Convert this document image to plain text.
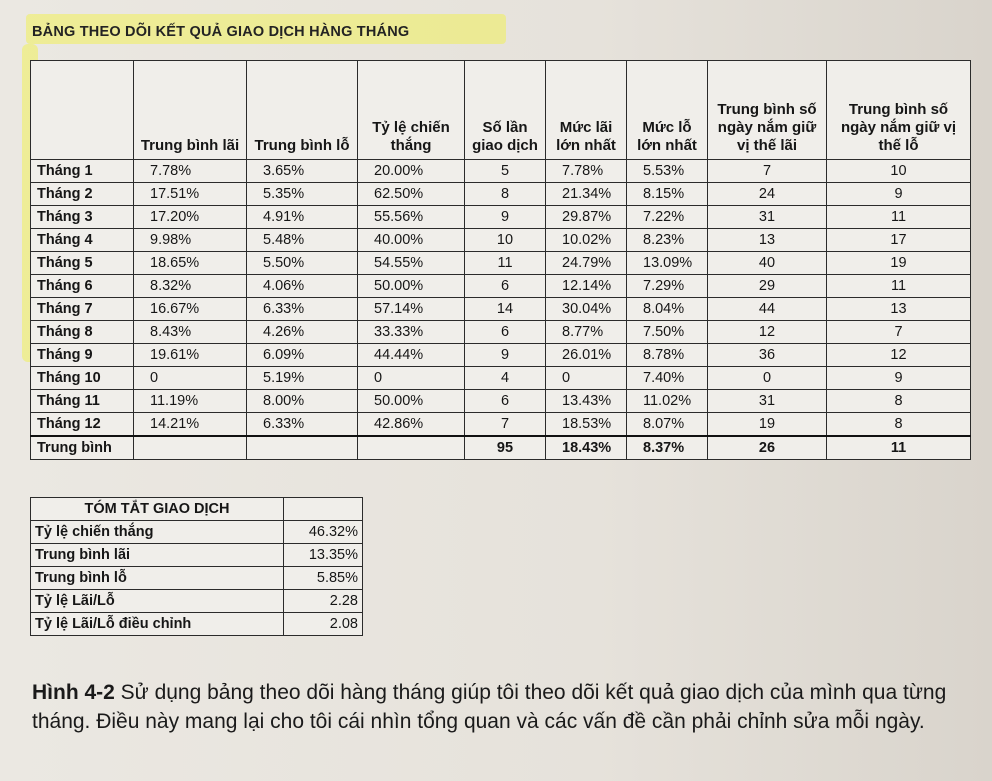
BẢNG THEO DÕI KẾT QUẢ GIAO DỊCH HÀNG THÁNG
	Trung bình lãi	Trung bình lỗ	Tỷ lệ chiến thắng	Số lần giao dịch	Mức lãi lớn nhất	Mức lỗ lớn nhất	Trung bình số ngày nắm giữ vị thế lãi	Trung bình số ngày nắm giữ vị thế lỗ
Tháng 1	7.78%	3.65%	20.00%	5	7.78%	5.53%	7	10
Tháng 2	17.51%	5.35%	62.50%	8	21.34%	8.15%	24	9
Tháng 3	17.20%	4.91%	55.56%	9	29.87%	7.22%	31	11
Tháng 4	9.98%	5.48%	40.00%	10	10.02%	8.23%	13	17
Tháng 5	18.65%	5.50%	54.55%	11	24.79%	13.09%	40	19
Tháng 6	8.32%	4.06%	50.00%	6	12.14%	7.29%	29	11
Tháng 7	16.67%	6.33%	57.14%	14	30.04%	8.04%	44	13
Tháng 8	8.43%	4.26%	33.33%	6	8.77%	7.50%	12	7
Tháng 9	19.61%	6.09%	44.44%	9	26.01%	8.78%	36	12
Tháng 10	0	5.19%	0	4	0	7.40%	0	9
Tháng 11	11.19%	8.00%	50.00%	6	13.43%	11.02%	31	8
Tháng 12	14.21%	6.33%	42.86%	7	18.53%	8.07%	19	8
Trung bình				95	18.43%	8.37%	26	11
TÓM TẮT GIAO DỊCH	
Tỷ lệ chiến thắng	46.32%
Trung bình lãi	13.35%
Trung bình lỗ	5.85%
Tỷ lệ Lãi/Lỗ	2.28
Tỷ lệ Lãi/Lỗ điều chỉnh	2.08
Hình 4-2 Sử dụng bảng theo dõi hàng tháng giúp tôi theo dõi kết quả giao dịch của mình qua từng tháng. Điều này mang lại cho tôi cái nhìn tổng quan và các vấn đề cần phải chỉnh sửa mỗi ngày.
